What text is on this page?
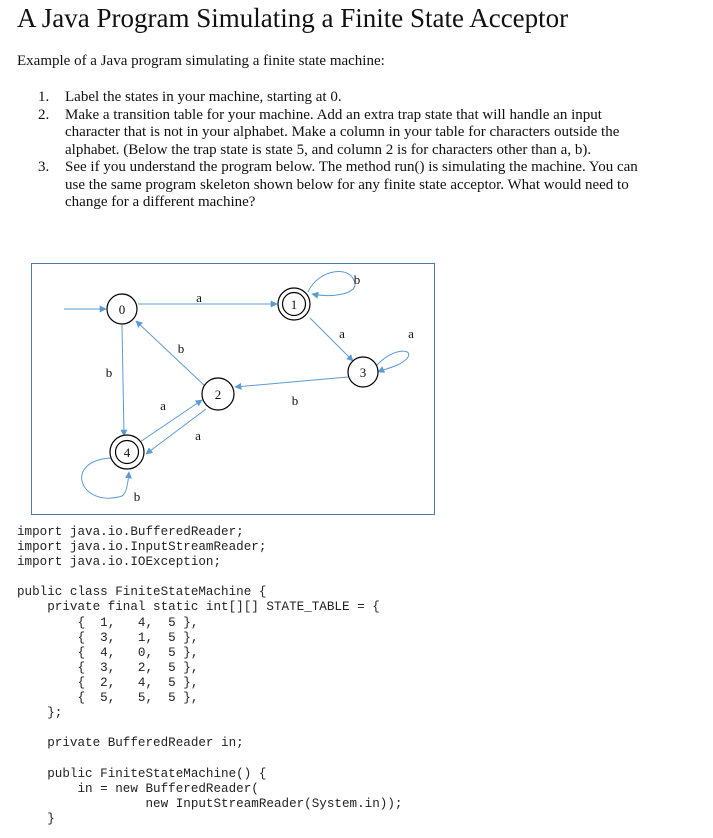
A Java Program Simulating a Finite State Acceptor
Example of a Java program simulating a finite state machine:

1. Label the states in your machine, starting at 0.

2. Make a transition table for your machine. Add an extra trap state that will handle an input character that is not in your alphabet. Make a column in your table for characters outside the alphabet. (Below the trap state is state 5, and column 2 is for characters other than a, b).

3. See if you understand the program below. The method run() is simulating the machine. You can use the same program skeleton shown below for any finite state acceptor. What would need to change for a different machine?

0	1
2
3
4
a
b
a	a
b
b
b
a
a
b
import java.io.BufferedReader;
import java.io.InputStreamReader;
import java.io.IOException;

public class FiniteStateMachine {
private final static int[][] STATE_TABLE = {
{  1,   4,  5 },
{  3,   1,  5 },
{  4,   0,  5 },
{  3,   2,  5 },
{  2,   4,  5 },
{  5,   5,  5 },
};

private BufferedReader in;

public FiniteStateMachine() {
in = new BufferedReader(
new InputStreamReader(System.in));
}
